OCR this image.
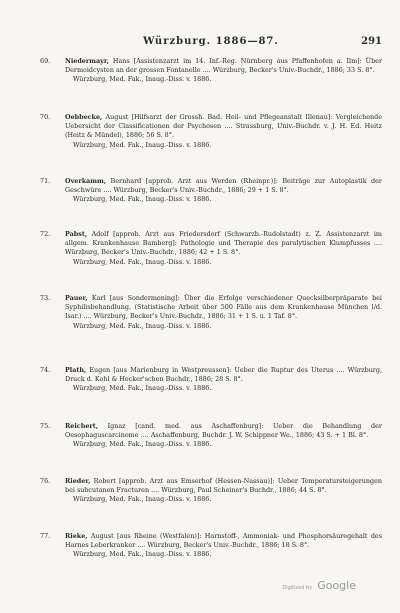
Würzburg. 1886—87.	291
69.	Niedermayr, Hans [Assistenzarzt im 14. Inf.-Reg. Nürnberg aus Pfaffenhofen a. Ilm]: Über Dermoidcysten an der grossen Fontanelle .... Würzburg, Becker's Univ.-Buchdr., 1886; 33 S. 8°.
Würzburg, Med. Fak., Inaug.-Diss. v. 1886.
70.	Oebbecke, August [Hilfsarzt der Grossh. Bad. Heil- und Pflegeanstalt Illenau]: Vergleichende Uebersicht der Classificationen der Psychosen .... Strassburg, Univ.-Buchdr. v. J. H. Ed. Heitz (Heitz & Mündel), 1886; 56 S. 8°.
Würzburg, Med. Fak., Inaug.-Diss. v. 1886.
71.	Overkamm, Bernhard [approb. Arzt aus Werden (Rheinpr.)]: Beiträge zur Autoplastik der Geschwüre .... Würzburg, Becker's Univ.-Buchdr., 1886; 29 + 1 S. 8°.
Würzburg, Med. Fak., Inaug.-Diss. v. 1886.
72.	Pabst, Adolf [approb. Arzt aus Friedersdorf (Schwarzb.-Rudolstadt) z. Z. Assistenzarzt im allgem. Krankenhause Bamberg]: Pathologie und Therapie des paralytischen Klumpfusses .... Würzburg, Becker's Univ.-Buchdr., 1886; 42 + 1 S. 8°.
Würzburg, Med. Fak., Inaug.-Diss. v. 1886.
73.	Pauer, Karl [aus Sondermoning]: Über die Erfolge verschiedener Quecksilberpräparate bei Syphilisbehandlung. (Statistische Arbeit über 500 Fälle aus dem Krankenhause München l/d. Isar.) .... Würzburg, Becker's Univ.-Buchdr., 1886; 31 + 1 S. u. 1 Taf. 8°.
Würzburg, Med. Fak., Inaug.-Diss. v. 1886.
74.	Plath, Eugen [aus Marienburg in Westpreussen]: Ueber die Ruptur des Uterus .... Würzburg, Druck d. Kohl & Hecker'schen Buchdr., 1886; 28 S. 8°.
Würzburg, Med. Fak., Inaug.-Diss. v. 1886.
75.	Reichert, Ignaz [cand. med. aus Aschaffenburg]: Ueber die Behandlung der Oesophaguscarcinome .... Aschaffenburg, Buchdr. J. W. Schippner We., 1886; 43 S. + 1 Bl. 8°.
Würzburg, Med. Fak., Inaug.-Diss. v. 1886.
76.	Rieder, Robert [approb. Arzt aus Emserhof (Hessen-Nassau)]: Ueber Temperatursteigerungen bei subcutanen Fracturen .... Würzburg, Paul Scheiner's Buchdr., 1886; 44 S. 8°.
Würzburg, Med. Fak., Inaug.-Diss. v. 1886.
77.	Rieke, August [aus Rheine (Westfalen)]: Harnstoff-, Ammoniak- und Phosphorsäuregehalt des Harnes Leberkranker .... Würzburg, Becker's Univ.-Buchdr., 1886; 18 S. 8°.
Würzburg, Med. Fak., Inaug.-Diss. v. 1886.
Digitized by Google
